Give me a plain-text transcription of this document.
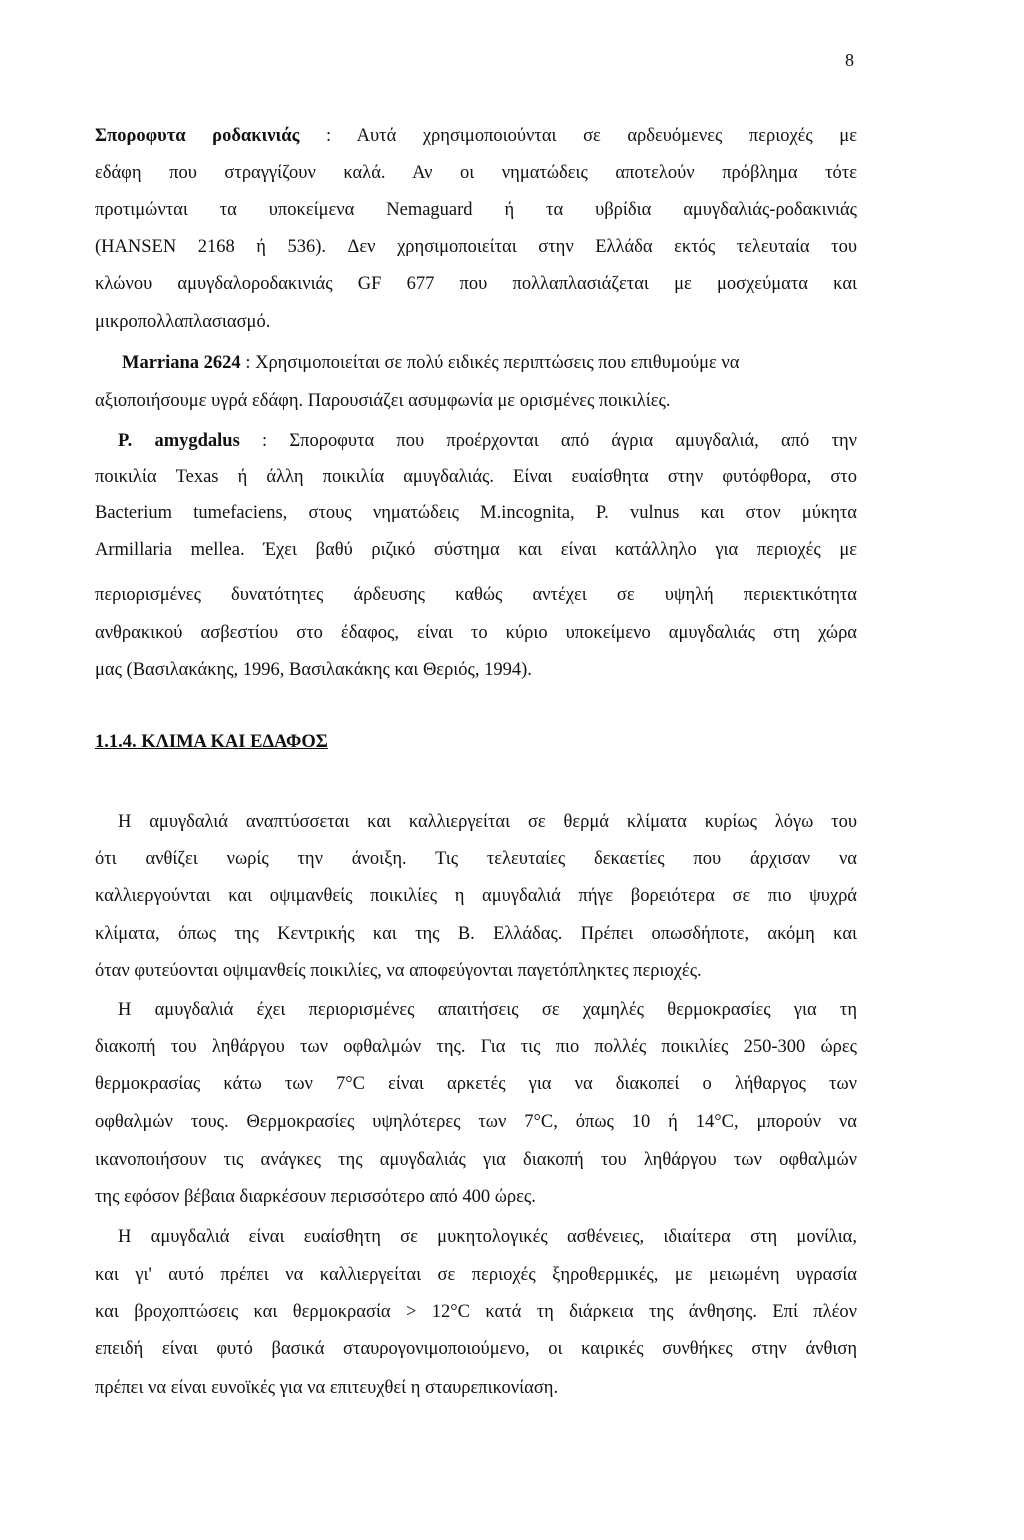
8
Σποροφυτα ροδακινιάς : Αυτά χρησιμοποιούνται σε αρδευόμενες περιοχές με
εδάφη που στραγγίζουν καλά. Αν οι νηματώδεις αποτελούν πρόβλημα τότε
προτιμώνται τα υποκείμενα Nemaguard ή τα υβρίδια αμυγδαλιάς-ροδακινιάς
(HANSEN 2168 ή 536). Δεν χρησιμοποιείται στην Ελλάδα εκτός τελευταία του
κλώνου αμυγδαλοροδακινιάς GF 677 που πολλαπλασιάζεται με μοσχεύματα και
μικροπολλαπλασιασμό.
Marriana 2624 : Χρησιμοποιείται σε πολύ ειδικές περιπτώσεις που επιθυμούμε να
αξιοποιήσουμε υγρά εδάφη. Παρουσιάζει ασυμφωνία με ορισμένες ποικιλίες.
P. amygdalus : Σποροφυτα που προέρχονται από άγρια αμυγδαλιά, από την
ποικιλία Texas ή άλλη ποικιλία αμυγδαλιάς. Είναι ευαίσθητα στην φυτόφθορα, στο
Bacterium tumefaciens, στους νηματώδεις M.incognita, P. vulnus και στον μύκητα
Armillaria mellea. Έχει βαθύ ριζικό σύστημα και είναι κατάλληλο για περιοχές με
περιορισμένες δυνατότητες άρδευσης καθώς αντέχει σε υψηλή περιεκτικότητα
ανθρακικού ασβεστίου στο έδαφος, είναι το κύριο υποκείμενο αμυγδαλιάς στη χώρα
μας (Βασιλακάκης, 1996, Βασιλακάκης και Θεριός, 1994).
1.1.4. ΚΛΙΜΑ ΚΑΙ ΕΔΑΦΟΣ
Η αμυγδαλιά αναπτύσσεται και καλλιεργείται σε θερμά κλίματα κυρίως λόγω του
ότι ανθίζει νωρίς την άνοιξη. Τις τελευταίες δεκαετίες που άρχισαν να
καλλιεργούνται και οψιμανθείς ποικιλίες η αμυγδαλιά πήγε βορειότερα σε πιο ψυχρά
κλίματα, όπως της Κεντρικής και της Β. Ελλάδας. Πρέπει οπωσδήποτε, ακόμη και
όταν φυτεύονται οψιμανθείς ποικιλίες, να αποφεύγονται παγετόπληκτες περιοχές.
Η αμυγδαλιά έχει περιορισμένες απαιτήσεις σε χαμηλές θερμοκρασίες για τη
διακοπή του ληθάργου των οφθαλμών της. Για τις πιο πολλές ποικιλίες 250-300 ώρες
θερμοκρασίας κάτω των 7°C είναι αρκετές για να διακοπεί ο λήθαργος των
οφθαλμών τους. Θερμοκρασίες υψηλότερες των 7°C, όπως 10 ή 14°C, μπορούν να
ικανοποιήσουν τις ανάγκες της αμυγδαλιάς για διακοπή του ληθάργου των οφθαλμών
της εφόσον βέβαια διαρκέσουν περισσότερο από 400 ώρες.
Η αμυγδαλιά είναι ευαίσθητη σε μυκητολογικές ασθένειες, ιδιαίτερα στη μονίλια,
και γι' αυτό πρέπει να καλλιεργείται σε περιοχές ξηροθερμικές, με μειωμένη υγρασία
και βροχοπτώσεις και θερμοκρασία > 12°C κατά τη διάρκεια της άνθησης. Επί πλέον
επειδή είναι φυτό βασικά σταυρογονιμοποιούμενο, οι καιρικές συνθήκες στην άνθιση
πρέπει να είναι ευνοϊκές για να επιτευχθεί η σταυρεπικονίαση.
